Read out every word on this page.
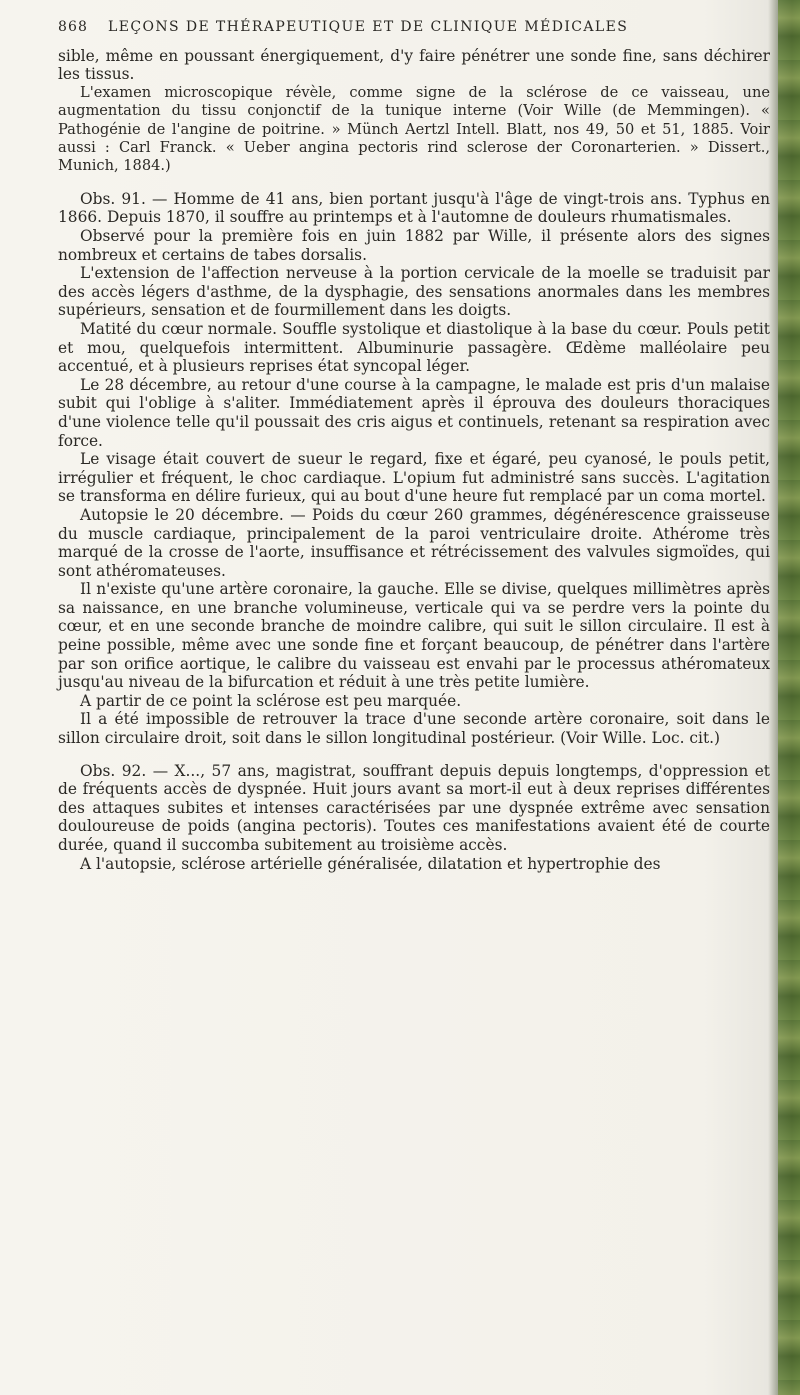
868 LEÇONS DE THÉRAPEUTIQUE ET DE CLINIQUE MÉDICALES

sible, même en poussant énergiquement, d'y faire pénétrer une sonde fine, sans déchirer les tissus.

L'examen microscopique révèle, comme signe de la sclérose de ce vaisseau, une augmentation du tissu conjonctif de la tunique interne (Voir Wille (de Memmingen). « Pathogénie de l'angine de poitrine. » Münch Aertzl Intell. Blatt, nos 49, 50 et 51, 1885. Voir aussi : Carl Franck. « Ueber angina pectoris rind sclerose der Coronarterien. » Dissert., Munich, 1884.)

Obs. 91. — Homme de 41 ans, bien portant jusqu'à l'âge de vingt-trois ans. Typhus en 1866. Depuis 1870, il souffre au printemps et à l'automne de douleurs rhumatismales.

Observé pour la première fois en juin 1882 par Wille, il présente alors des signes nombreux et certains de tabes dorsalis.

L'extension de l'affection nerveuse à la portion cervicale de la moelle se traduisit par des accès légers d'asthme, de la dysphagie, des sensations anormales dans les membres supérieurs, sensation et de fourmillement dans les doigts.

Matité du cœur normale. Souffle systolique et diastolique à la base du cœur. Pouls petit et mou, quelquefois intermittent. Albuminurie passagère. Œdème malléolaire peu accentué, et à plusieurs reprises état syncopal léger.

Le 28 décembre, au retour d'une course à la campagne, le malade est pris d'un malaise subit qui l'oblige à s'aliter. Immédiatement après il éprouva des douleurs thoraciques d'une violence telle qu'il poussait des cris aigus et continuels, retenant sa respiration avec force.

Le visage était couvert de sueur le regard, fixe et égaré, peu cyanosé, le pouls petit, irrégulier et fréquent, le choc cardiaque. L'opium fut administré sans succès. L'agitation se transforma en délire furieux, qui au bout d'une heure fut remplacé par un coma mortel.

Autopsie le 20 décembre. — Poids du cœur 260 grammes, dégénérescence graisseuse du muscle cardiaque, principalement de la paroi ventriculaire droite. Athérome très marqué de la crosse de l'aorte, insuffisance et rétrécissement des valvules sigmoïdes, qui sont athéromateuses.

Il n'existe qu'une artère coronaire, la gauche. Elle se divise, quelques millimètres après sa naissance, en une branche volumineuse, verticale qui va se perdre vers la pointe du cœur, et en une seconde branche de moindre calibre, qui suit le sillon circulaire. Il est à peine possible, même avec une sonde fine et forçant beaucoup, de pénétrer dans l'artère par son orifice aortique, le calibre du vaisseau est envahi par le processus athéromateux jusqu'au niveau de la bifurcation et réduit à une très petite lumière.

A partir de ce point la sclérose est peu marquée.

Il a été impossible de retrouver la trace d'une seconde artère coronaire, soit dans le sillon circulaire droit, soit dans le sillon longitudinal postérieur. (Voir Wille. Loc. cit.)

Obs. 92. — X..., 57 ans, magistrat, souffrant depuis depuis longtemps, d'oppression et de fréquents accès de dyspnée. Huit jours avant sa mort-il eut à deux reprises différentes des attaques subites et intenses caractérisées par une dyspnée extrême avec sensation douloureuse de poids (angina pectoris). Toutes ces manifestations avaient été de courte durée, quand il succomba subitement au troisième accès.

A l'autopsie, sclérose artérielle généralisée, dilatation et hypertrophie des
